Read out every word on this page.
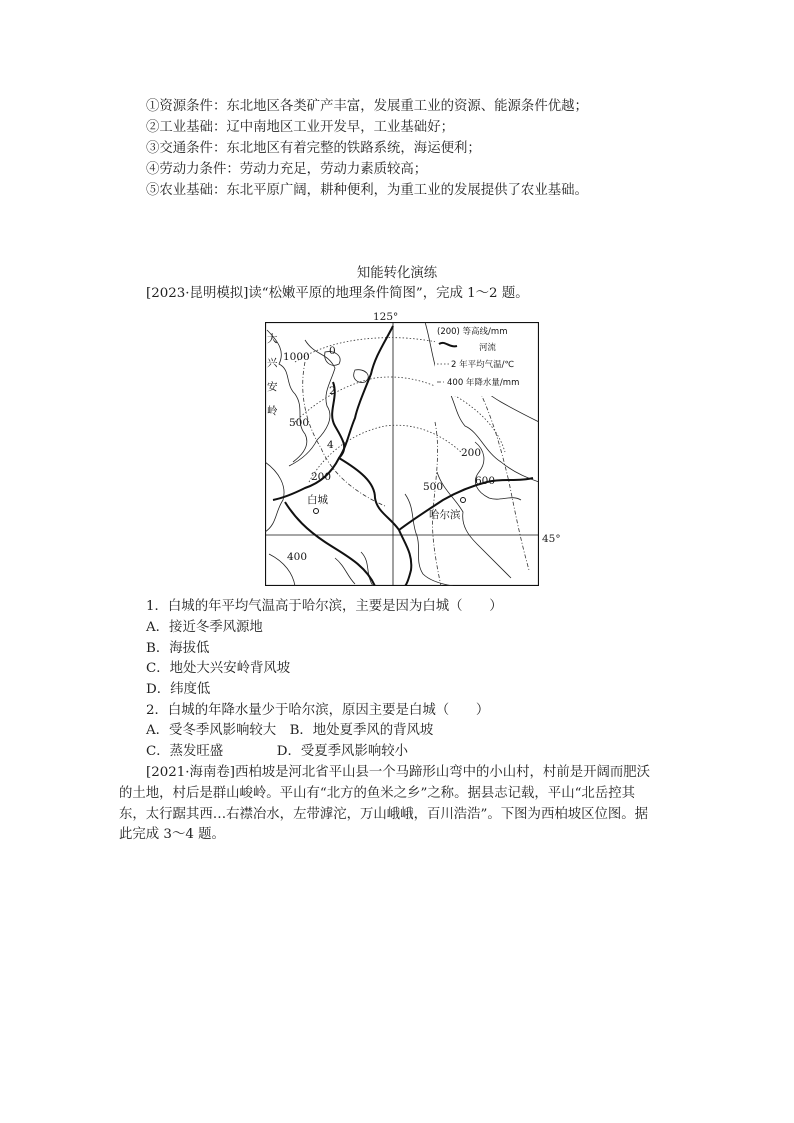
①资源条件：东北地区各类矿产丰富，发展重工业的资源、能源条件优越；
②工业基础：辽中南地区工业开发早，工业基础好；
③交通条件：东北地区有着完整的铁路系统，海运便利；
④劳动力条件：劳动力充足，劳动力素质较高；
⑤农业基础：东北平原广阔，耕种便利，为重工业的发展提供了农业基础。
知能转化演练
[2023·昆明模拟]读“松嫩平原的地理条件简图”，完成 1～2 题。
125°
45°
大
兴
安
岭
1000
500
200
400
200
500	600
0
2
4
白城
哈尔滨
(200) 等高线/mm
河流
2 年平均气温/℃
400 年降水量/mm
1．白城的年平均气温高于哈尔滨，主要是因为白城（　　）
A．接近冬季风源地
B．海拔低
C．地处大兴安岭背风坡
D．纬度低
2．白城的年降水量少于哈尔滨，原因主要是白城（　　）
A．受冬季风影响较大　B．地处夏季风的背风坡
C．蒸发旺盛　　　　D．受夏季风影响较小
[2021·海南卷]西柏坡是河北省平山县一个马蹄形山弯中的小山村，村前是开阔而肥沃
的土地，村后是群山峻岭。平山有“北方的鱼米之乡”之称。据县志记载，平山“北岳控其
东，太行踞其西…右襟冶水，左带滹沱，万山峨峨，百川浩浩”。下图为西柏坡区位图。据
此完成 3～4 题。
